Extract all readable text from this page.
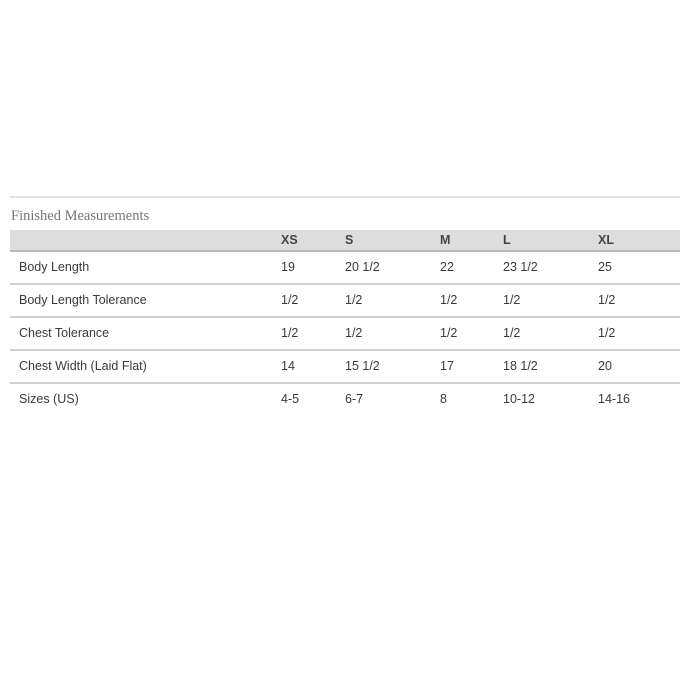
Finished Measurements
	XS	S	M	L	XL
Body Length	19	20 1/2	22	23 1/2	25
Body Length Tolerance	1/2	1/2	1/2	1/2	1/2
Chest Tolerance	1/2	1/2	1/2	1/2	1/2
Chest Width (Laid Flat)	14	15 1/2	17	18 1/2	20
Sizes (US)	4-5	6-7	8	10-12	14-16
